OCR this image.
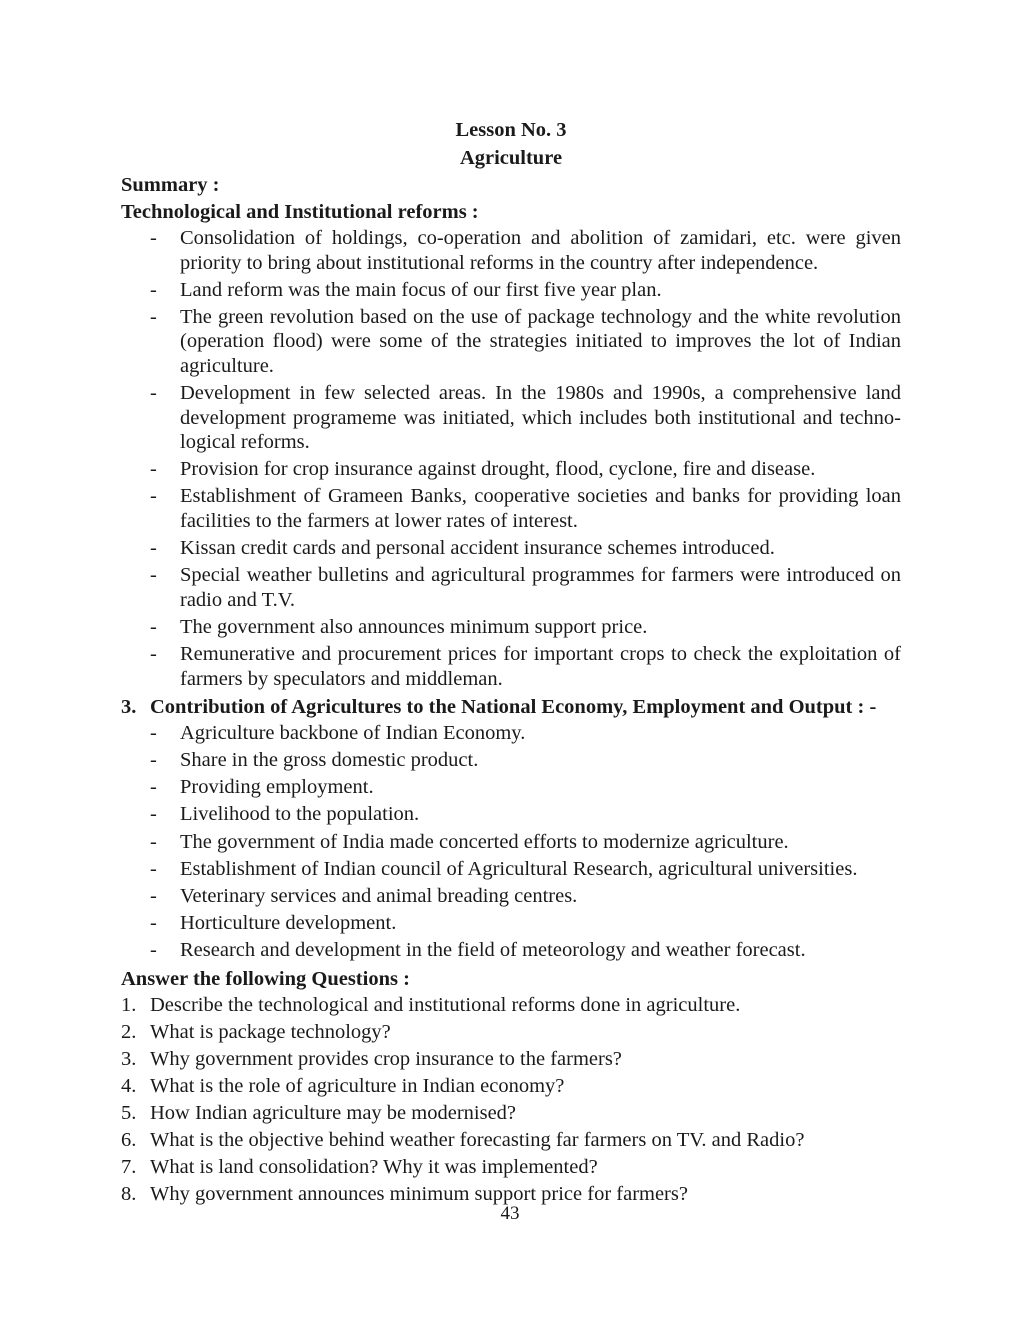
Lesson No. 3
Agriculture
Summary :
Technological and Institutional reforms :
-	Consolidation of holdings, co-operation and abolition of zamidari, etc. were given priority to bring about institutional reforms in the country after independence.
-	Land reform was the main focus of our first five year plan.
-	The green revolution based on the use of package technology and the white revolution (operation flood) were some of the strategies initiated to improves the lot of Indian agriculture.
-	Development in few selected areas. In the 1980s and 1990s, a comprehensive land development programeme was initiated, which includes both institutional and techno-logical reforms.
-	Provision for crop insurance against drought, flood, cyclone, fire and disease.
-	Establishment of Grameen Banks, cooperative societies and banks for providing loan facilities to the farmers at lower rates of interest.
-	Kissan credit cards and personal accident insurance schemes introduced.
-	Special weather bulletins and agricultural programmes for farmers were introduced on radio and T.V.
-	The government also announces minimum support price.
-	Remunerative and procurement prices for important crops to check the exploitation of farmers by speculators and middleman.
3. Contribution of Agricultures to the National Economy, Employment and Output : -
-	Agriculture backbone of Indian Economy.
-	Share in the gross domestic product.
-	Providing employment.
-	Livelihood to the population.
-	The government of India made concerted efforts to modernize agriculture.
-	Establishment of Indian council of Agricultural Research, agricultural universities.
-	Veterinary services and animal breading centres.
-	Horticulture development.
-	Research and development in the field of meteorology and weather forecast.
Answer the following Questions :
1. Describe the technological and institutional reforms done in agriculture.
2. What is package technology?
3. Why government provides crop insurance to the farmers?
4. What is the role of agriculture in Indian economy?
5. How Indian agriculture may be modernised?
6. What is the objective behind weather forecasting far farmers on TV. and Radio?
7. What is land consolidation? Why it was implemented?
8. Why government announces minimum support price for farmers?
43
